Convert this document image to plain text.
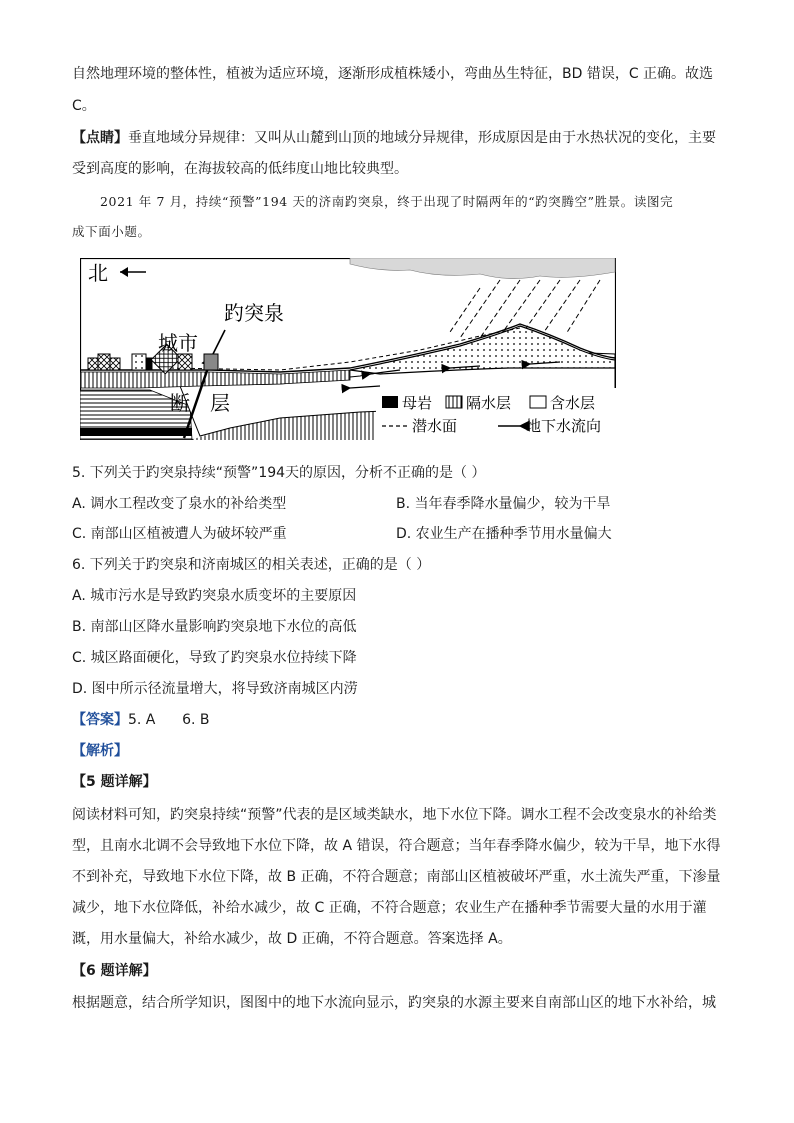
自然地理环境的整体性，植被为适应环境，逐渐形成植株矮小，弯曲丛生特征，BD 错误，C 正确。故选
C。
【点睛】垂直地域分异规律：又叫从山麓到山顶的地域分异规律，形成原因是由于水热状况的变化，主要
受到高度的影响，在海拔较高的低纬度山地比较典型。
2021 年 7 月，持续“预警”194 天的济南趵突泉，终于出现了时隔两年的“趵突腾空”胜景。读图完
成下面小题。
北
趵突泉
城市
断 层	母岩 隔水层	含水层
潜水面	地下水流向
5. 下列关于趵突泉持续“预警”194天的原因，分析不正确的是（ ）
A. 调水工程改变了泉水的补给类型	B. 当年春季降水量偏少，较为干旱
C. 南部山区植被遭人为破坏较严重	D. 农业生产在播种季节用水量偏大
6. 下列关于趵突泉和济南城区的相关表述，正确的是（ ）
A. 城市污水是导致趵突泉水质变坏的主要原因
B. 南部山区降水量影响趵突泉地下水位的高低
C. 城区路面硬化，导致了趵突泉水位持续下降
D. 图中所示径流量增大，将导致济南城区内涝
【答案】5. A      6. B
【解析】
【5 题详解】
阅读材料可知，趵突泉持续“预警”代表的是区域类缺水，地下水位下降。调水工程不会改变泉水的补给类
型，且南水北调不会导致地下水位下降，故 A 错误，符合题意；当年春季降水偏少，较为干旱，地下水得
不到补充，导致地下水位下降，故 B 正确，不符合题意；南部山区植被破坏严重，水土流失严重，下渗量
减少，地下水位降低，补给水减少，故 C 正确，不符合题意；农业生产在播种季节需要大量的水用于灌
溉，用水量偏大，补给水减少，故 D 正确，不符合题意。答案选择 A。
【6 题详解】
根据题意，结合所学知识，图图中的地下水流向显示，趵突泉的水源主要来自南部山区的地下水补给，城
